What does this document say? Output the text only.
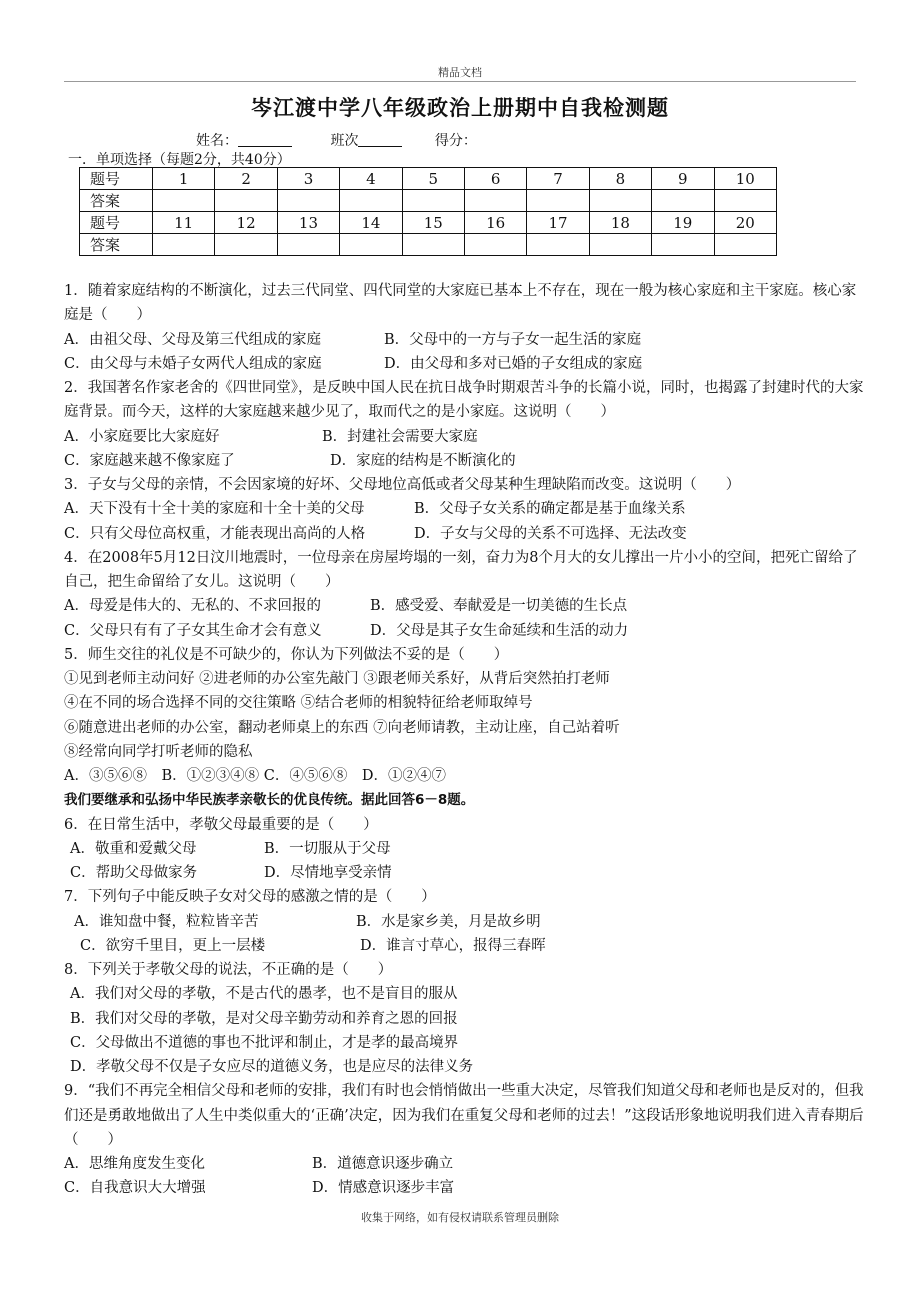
精品文档
岑江渡中学八年级政治上册期中自我检测题
姓名：	班次	得分：
一．单项选择（每题2分，共40分）
题号	1	2	3	4	5	6	7	8	9	10
答案										
题号	11	12	13	14	15	16	17	18	19	20
答案										
1．随着家庭结构的不断演化，过去三代同堂、四代同堂的大家庭已基本上不存在，现在一般为核心家庭和主干家庭。核心家庭是（　　）
A．由祖父母、父母及第三代组成的家庭	B．父母中的一方与子女一起生活的家庭
C．由父母与未婚子女两代人组成的家庭	D．由父母和多对已婚的子女组成的家庭
2．我国著名作家老舍的《四世同堂》，是反映中国人民在抗日战争时期艰苦斗争的长篇小说，同时，也揭露了封建时代的大家庭背景。而今天，这样的大家庭越来越少见了，取而代之的是小家庭。这说明（　　）
A．小家庭要比大家庭好	B．封建社会需要大家庭
C．家庭越来越不像家庭了	D．家庭的结构是不断演化的
3．子女与父母的亲情，不会因家境的好坏、父母地位高低或者父母某种生理缺陷而改变。这说明（　　）
A．天下没有十全十美的家庭和十全十美的父母	B．父母子女关系的确定都是基于血缘关系
C．只有父母位高权重，才能表现出高尚的人格	D．子女与父母的关系不可选择、无法改变
4．在2008年5月12日汶川地震时，一位母亲在房屋垮塌的一刻，奋力为8个月大的女儿撑出一片小小的空间，把死亡留给了自己，把生命留给了女儿。这说明（　　）
A．母爱是伟大的、无私的、不求回报的	B．感受爱、奉献爱是一切美德的生长点
C．父母只有有了子女其生命才会有意义	D．父母是其子女生命延续和生活的动力
5．师生交往的礼仪是不可缺少的，你认为下列做法不妥的是（　　）
①见到老师主动问好 ②进老师的办公室先敲门 ③跟老师关系好，从背后突然拍打老师
④在不同的场合选择不同的交往策略 ⑤结合老师的相貌特征给老师取绰号
⑥随意进出老师的办公室，翻动老师桌上的东西 ⑦向老师请教，主动让座，自己站着听
⑧经常向同学打听老师的隐私
A．③⑤⑥⑧　B．①②③④⑧ C．④⑤⑥⑧　D．①②④⑦
我们要继承和弘扬中华民族孝亲敬长的优良传统。据此回答6－8题。
6．在日常生活中，孝敬父母最重要的是（　　）
A．敬重和爱戴父母	B．一切服从于父母
C．帮助父母做家务	D．尽情地享受亲情
7．下列句子中能反映子女对父母的感激之情的是（　　）
A．谁知盘中餐，粒粒皆辛苦	B．水是家乡美，月是故乡明
C．欲穷千里目，更上一层楼	D．谁言寸草心，报得三春晖
8．下列关于孝敬父母的说法，不正确的是（　　）
A．我们对父母的孝敬，不是古代的愚孝，也不是盲目的服从
B．我们对父母的孝敬，是对父母辛勤劳动和养育之恩的回报
C．父母做出不道德的事也不批评和制止，才是孝的最高境界
D．孝敬父母不仅是子女应尽的道德义务，也是应尽的法律义务
9．“我们不再完全相信父母和老师的安排，我们有时也会悄悄做出一些重大决定，尽管我们知道父母和老师也是反对的，但我们还是勇敢地做出了人生中类似重大的‘正确’决定，因为我们在重复父母和老师的过去！”这段话形象地说明我们进入青春期后（　　）
A．思维角度发生变化	B．道德意识逐步确立
C．自我意识大大增强	D．情感意识逐步丰富
收集于网络，如有侵权请联系管理员删除
